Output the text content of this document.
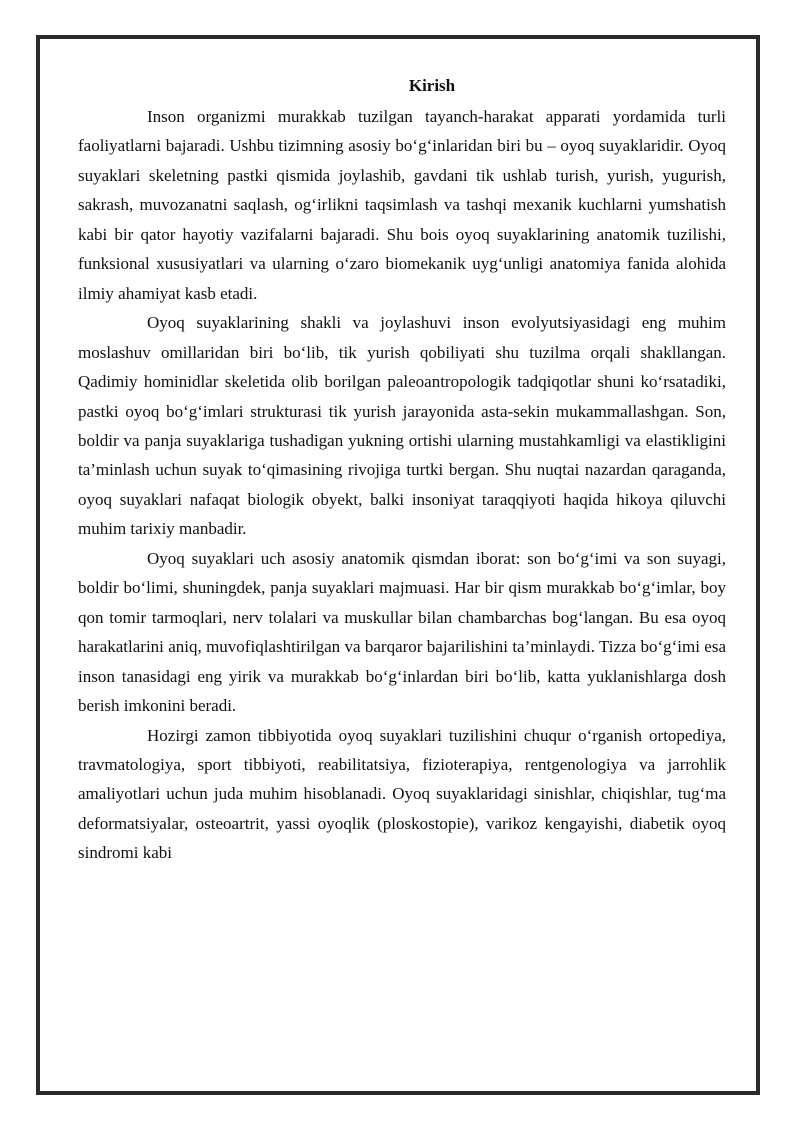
Kirish

Inson organizmi murakkab tuzilgan tayanch-harakat apparati yordamida turli faoliyatlarni bajaradi. Ushbu tizimning asosiy bo‘g‘inlaridan biri bu – oyoq suyaklaridir. Oyoq suyaklari skeletning pastki qismida joylashib, gavdani tik ushlab turish, yurish, yugurish, sakrash, muvozanatni saqlash, og‘irlikni taqsimlash va tashqi mexanik kuchlarni yumshatish kabi bir qator hayotiy vazifalarni bajaradi. Shu bois oyoq suyaklarining anatomik tuzilishi, funksional xususiyatlari va ularning o‘zaro biomekanik uyg‘unligi anatomiya fanida alohida ilmiy ahamiyat kasb etadi.

Oyoq suyaklarining shakli va joylashuvi inson evolyutsiyasidagi eng muhim moslashuv omillaridan biri bo‘lib, tik yurish qobiliyati shu tuzilma orqali shakllangan. Qadimiy hominidlar skeletida olib borilgan paleoantropologik tadqiqotlar shuni ko‘rsatadiki, pastki oyoq bo‘g‘imlari strukturasi tik yurish jarayonida asta-sekin mukammallashgan. Son, boldir va panja suyaklariga tushadigan yukning ortishi ularning mustahkamligi va elastikligini ta’minlash uchun suyak to‘qimasining rivojiga turtki bergan. Shu nuqtai nazardan qaraganda, oyoq suyaklari nafaqat biologik obyekt, balki insoniyat taraqqiyoti haqida hikoya qiluvchi muhim tarixiy manbadir.

Oyoq suyaklari uch asosiy anatomik qismdan iborat: son bo‘g‘imi va son suyagi, boldir bo‘limi, shuningdek, panja suyaklari majmuasi. Har bir qism murakkab bo‘g‘imlar, boy qon tomir tarmoqlari, nerv tolalari va muskullar bilan chambarchas bog‘langan. Bu esa oyoq harakatlarini aniq, muvofiqlashtirilgan va barqaror bajarilishini ta’minlaydi. Tizza bo‘g‘imi esa inson tanasidagi eng yirik va murakkab bo‘g‘inlardan biri bo‘lib, katta yuklanishlarga dosh berish imkonini beradi.

Hozirgi zamon tibbiyotida oyoq suyaklari tuzilishini chuqur o‘rganish ortopediya, travmatologiya, sport tibbiyoti, reabilitatsiya, fizioterapiya, rentgenologiya va jarrohlik amaliyotlari uchun juda muhim hisoblanadi. Oyoq suyaklaridagi sinishlar, chiqishlar, tug‘ma deformatsiyalar, osteoartrit, yassi oyoqlik (ploskostopie), varikoz kengayishi, diabetik oyoq sindromi kabi
